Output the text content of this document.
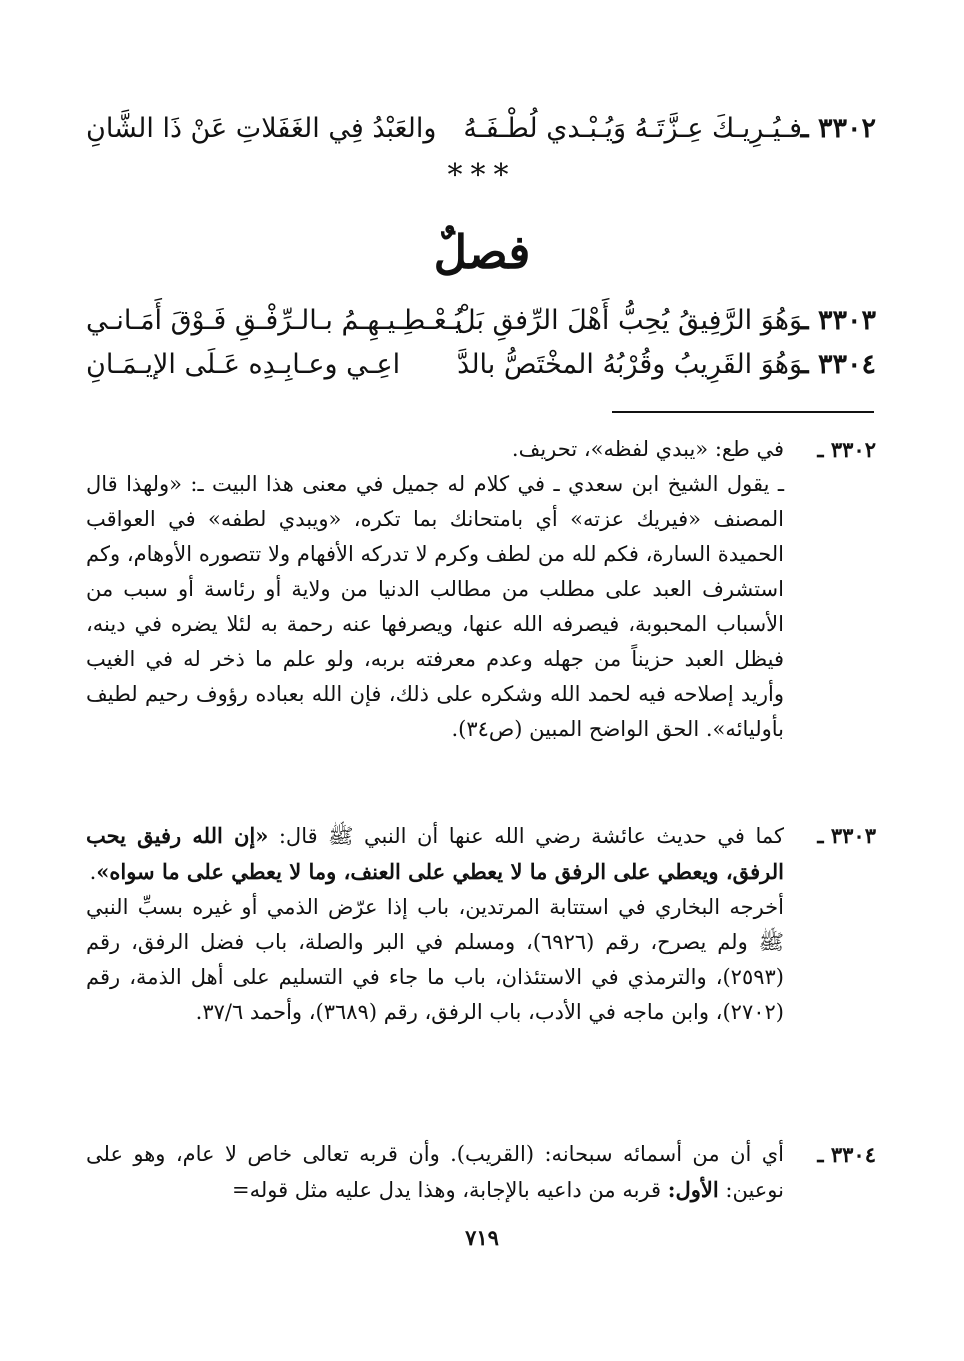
٣٣٠٢ ـ
فـيُـرِيـكَ عِـزَّتَـهُ وَيُـبْـدي لُطْـفَـهُ
والعَبْدُ فِي الغَفَلاتِ عَنْ ذَا الشَّانِ
***
فصلٌ
٣٣٠٣ ـ
وَهُوَ الرَّفِيقُ يُحِبُّ أَهْلَ الرِّفقِ بَلْ
يُـعْـطِـيـهِـمُ بـالـرِّفْـقِ فَـوْقَ أَمَـانـي
٣٣٠٤ ـ
وَهُوَ القَرِيبُ وقُرْبُهُ المخْتَصُّ بالدَّ
اعِـي وعـابِـدِه عَـلَى الإيـمَـانِ
٣٣٠٢ ـ
في طع: «يبدي لفظه»، تحريف.
ـ يقول الشيخ ابن سعدي ـ في كلام له جميل في معنى هذا البيت ـ: «ولهذا قال المصنف «فيريك عزته» أي بامتحانك بما تكره، «ويبدي لطفه» في العواقب الحميدة السارة، فكم لله من لطف وكرم لا تدركه الأفهام ولا تتصوره الأوهام، وكم استشرف العبد على مطلب من مطالب الدنيا من ولاية أو رئاسة أو سبب من الأسباب المحبوبة، فيصرفه الله عنها، ويصرفها عنه رحمة به لئلا يضره في دينه، فيظل العبد حزيناً من جهله وعدم معرفته بربه، ولو علم ما ذخر له في الغيب وأريد إصلاحه فيه لحمد الله وشكره على ذلك، فإن الله بعباده رؤوف رحيم لطيف بأوليائه». الحق الواضح المبين (ص٣٤).
٣٣٠٣ ـ
كما في حديث عائشة رضي الله عنها أن النبي ﷺ قال: «إن الله رفيق يحب الرفق، ويعطي على الرفق ما لا يعطي على العنف، وما لا يعطي على ما سواه».
أخرجه البخاري في استتابة المرتدين، باب إذا عرّض الذمي أو غيره بسبِّ النبي ﷺ ولم يصرح، رقم (٦٩٢٦)، ومسلم في البر والصلة، باب فضل الرفق، رقم (٢٥٩٣)، والترمذي في الاستئذان، باب ما جاء في التسليم على أهل الذمة، رقم (٢٧٠٢)، وابن ماجه في الأدب، باب الرفق، رقم (٣٦٨٩)، وأحمد ٣٧/٦.
٣٣٠٤ ـ
أي أن من أسمائه سبحانه: (القريب). وأن قربه تعالى خاص لا عام، وهو على نوعين: الأول: قربه من داعيه بالإجابة، وهذا يدل عليه مثل قوله=
٧١٩
